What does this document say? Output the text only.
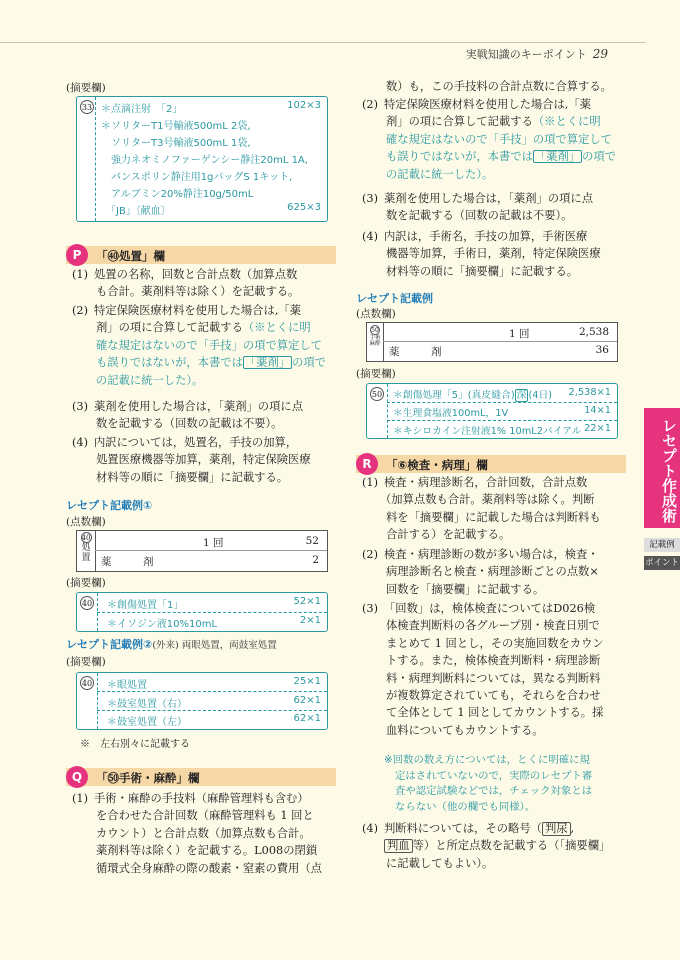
実戦知識のキーポイント 29
レセプト作成術
記載例
ポイント
(摘要欄)
33 ＊点滴注射　「2」	102×3
＊ソリターT1号輸液500mL 2袋,
　ソリターT3号輸液500mL 1袋,
　強力ネオミノファーゲンシー静注20mL 1A,
　パンスポリン静注用1gバッグS 1キット,
　アルブミン20%静注10g/50mL
　「JB」〔献血〕	625×3
P	「㊵処置」欄
(1) 処置の名称，回数と合計点数（加算点数
も合計。薬剤料等は除く）を記載する。
(2) 特定保険医療材料を使用した場合は,「薬
剤」の項に合算して記載する（※とくに明
確な規定はないので「手技」の項で算定して
も誤りではないが，本書では 「薬剤」 の項で
の記載に統一した）。
(3) 薬剤を使用した場合は，「薬剤」の項に点
数を記載する（回数の記載は不要）。
(4) 内訳については，処置名，手技の加算，
処置医療機器等加算，薬剤，特定保険医療
材料等の順に「摘要欄」に記載する。
レセプト記載例①
(点数欄)
40
処
置
1 回	52
薬　　　剤	2
(摘要欄)
40 ＊創傷処置「1」	52×1
＊イソジン液10%10mL	2×1
レセプト記載例②(外来) 両眼処置，両鼓室処置
(摘要欄)
40 ＊眼処置	25×1
＊鼓室処置（右）	62×1
＊鼓室処置（左）	62×1
※　左右別々に記載する
Q	「㊿手術・麻酔」欄
(1) 手術・麻酔の手技料（麻酔管理料も含む）
を合わせた合計回数（麻酔管理料も 1 回と
カウント）と合計点数（加算点数も合計。
薬剤料等は除く）を記載する。L008の閉鎖
循環式全身麻酔の際の酸素・窒素の費用（点
数）も，この手技料の合計点数に合算する。
(2) 特定保険医療材料を使用した場合は,「薬
剤」の項に合算して記載する（※とくに明
確な規定はないので「手技」の項で算定して
も誤りではないが，本書では 「薬剤」 の項で
の記載に統一した）。
(3) 薬剤を使用した場合は，「薬剤」の項に点
数を記載する（回数の記載は不要）。
(4) 内訳は，手術名，手技の加算，手術医療
機器等加算，手術日，薬剤，特定保険医療
材料等の順に「摘要欄」に記載する。
レセプト記載例
(点数欄)
50
手術
麻酔
1 回	2,538
薬　　　剤	36
(摘要欄)
50 ＊創傷処理「5」(真皮縫合) 深 (4日) 2,538×1
＊生理食塩液100mL，1V	14×1
＊キシロカイン注射液1% 10mL2バイアル 22×1
R	「⑥検査・病理」欄
(1) 検査・病理診断名，合計回数，合計点数
（加算点数も合計。薬剤料等は除く。判断
料を「摘要欄」に記載した場合は判断料も
合計する）を記載する。
(2) 検査・病理診断の数が多い場合は，検査・
病理診断名と検査・病理診断ごとの点数×
回数を「摘要欄」に記載する。
(3) 「回数」は，検体検査についてはD026検
体検査判断料の各グループ別・検査日別で
まとめて 1 回とし，その実施回数をカウン
トする。また，検体検査判断料・病理診断
料・病理判断料については，異なる判断料
が複数算定されていても，それらを合わせ
て全体として 1 回としてカウントする。採
血料についてもカウントする。
※回数の数え方については，とくに明確に規
定はされていないので，実際のレセプト審
査や認定試験などでは，チェック対象とは
ならない（他の欄でも同様）。
(4) 判断料については，その略号（ 判尿 ,
判血 等）と所定点数を記載する（「摘要欄」
に記載してもよい）。
